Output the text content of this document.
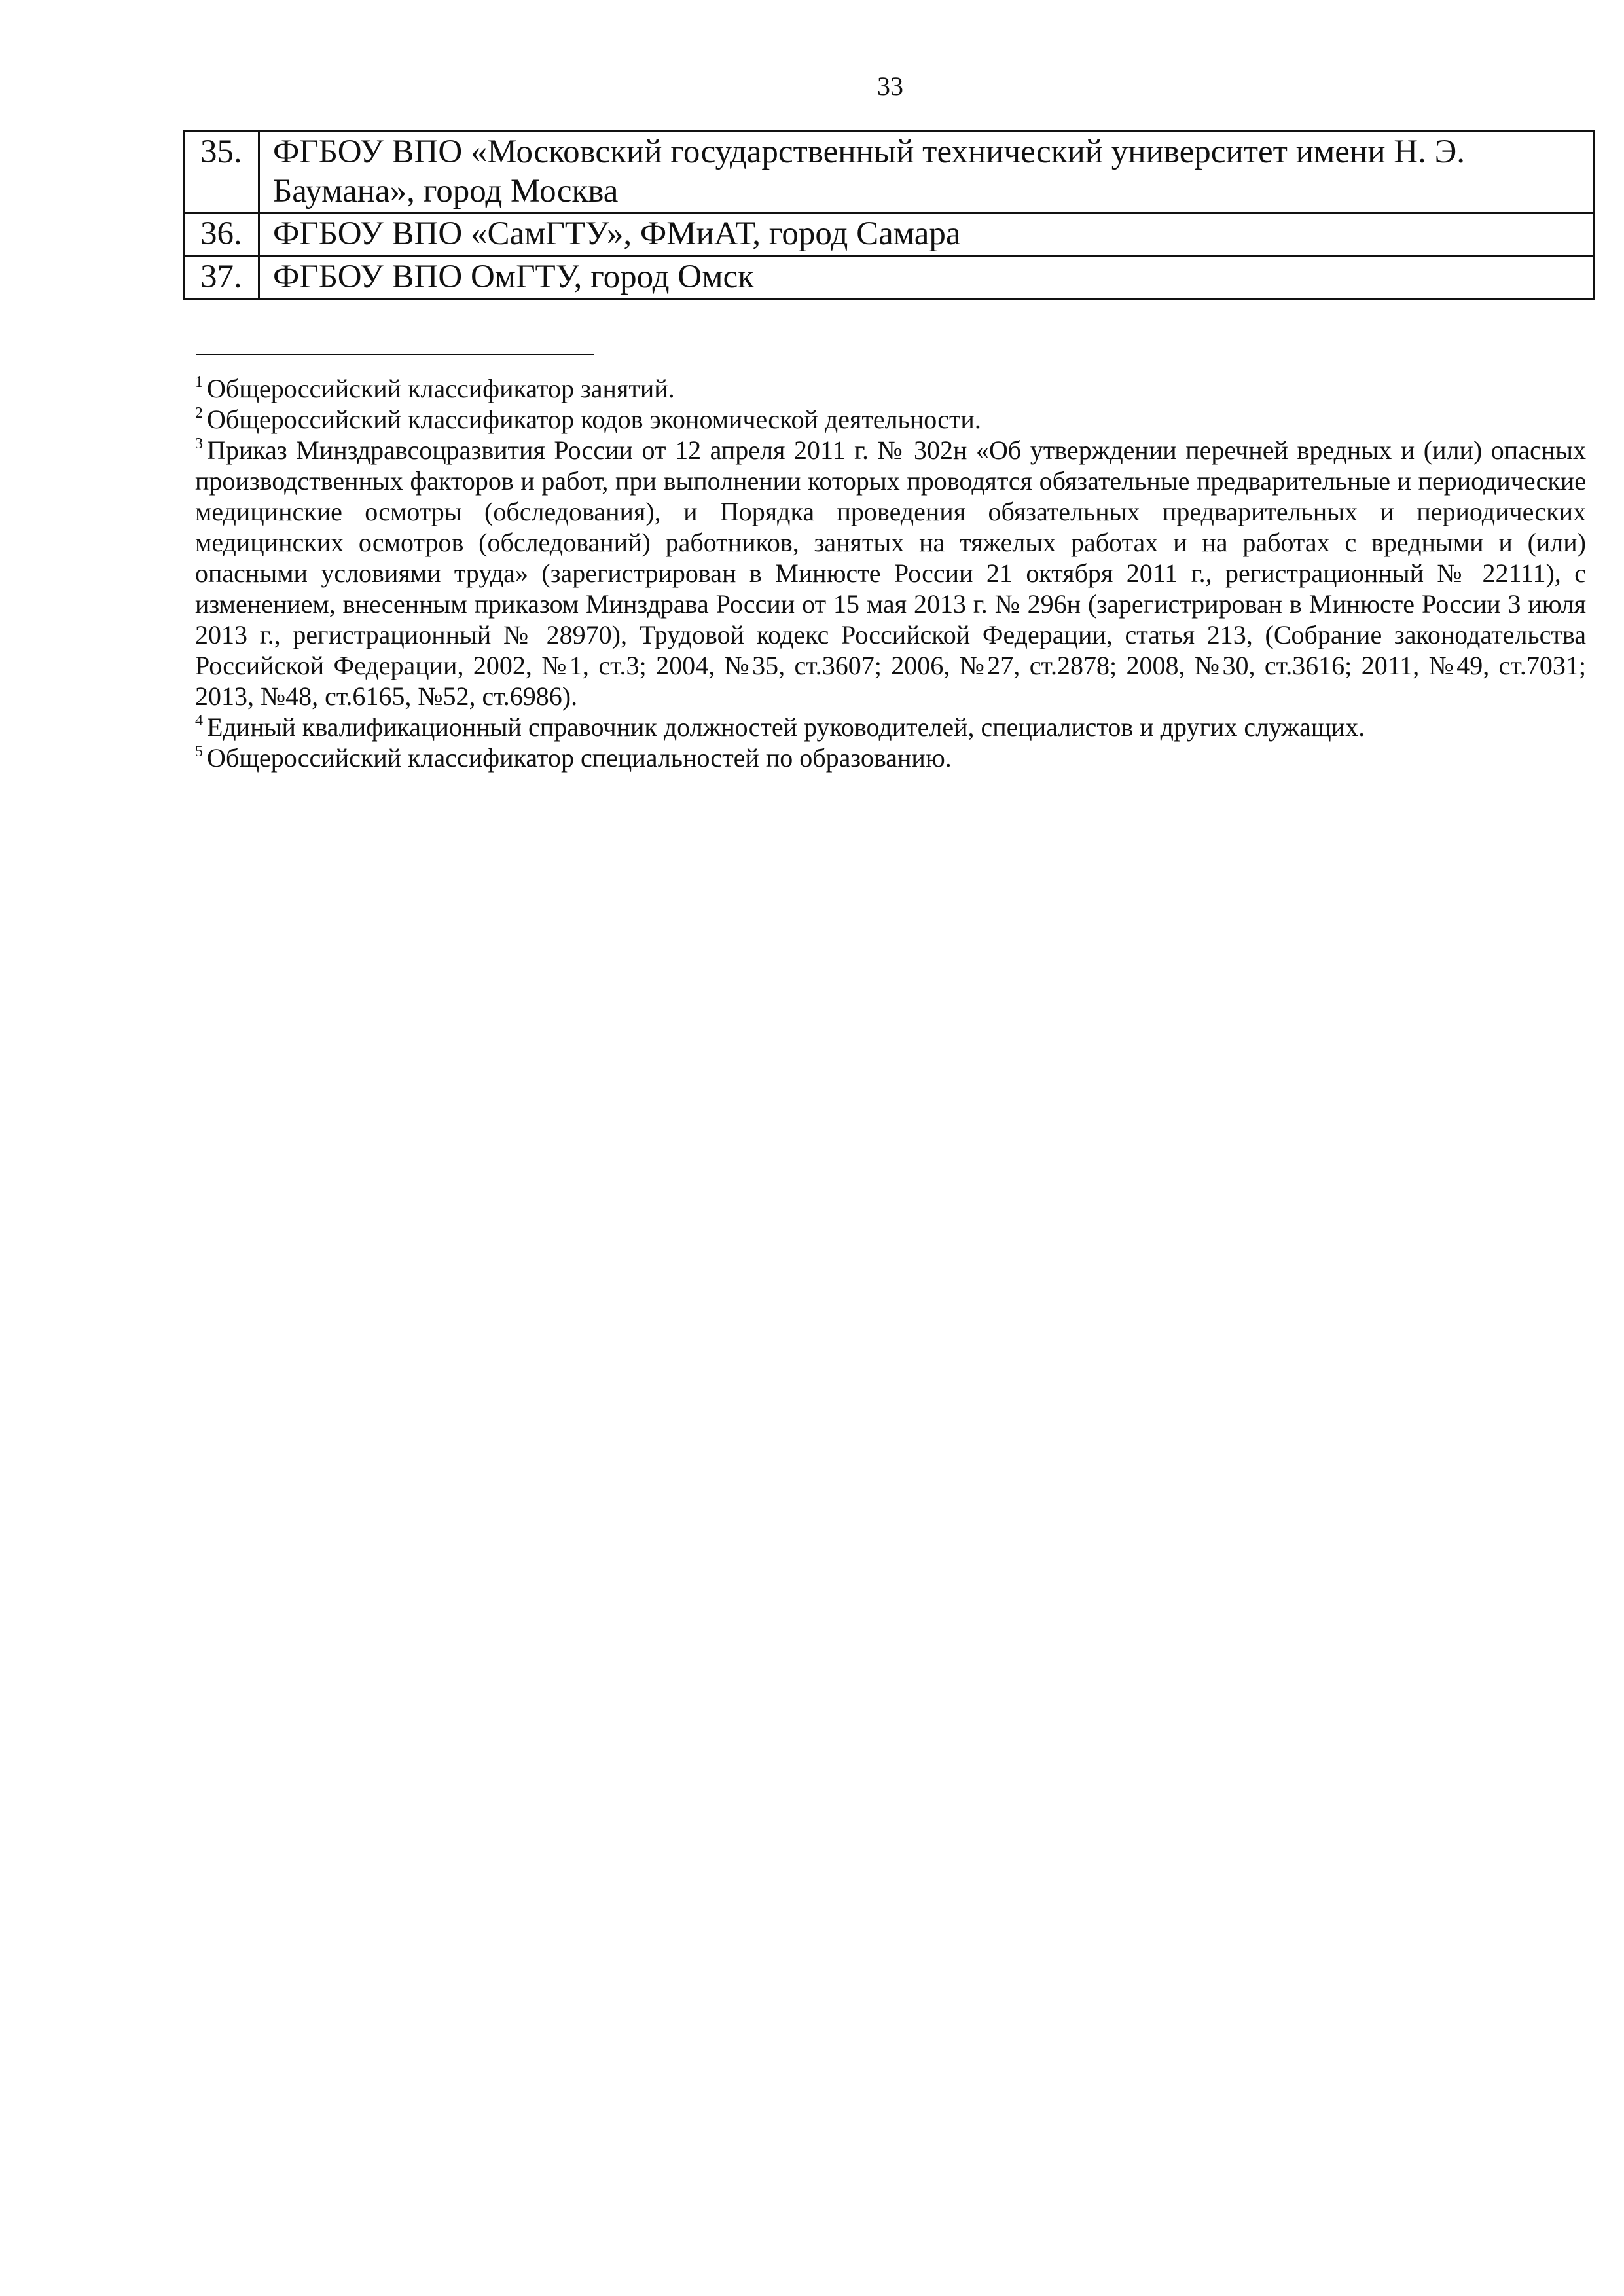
33
35.	ФГБОУ ВПО «Московский государственный технический университет имени Н. Э. Баумана», город Москва
36.	ФГБОУ ВПО «СамГТУ», ФМиАТ, город Самара
37.	ФГБОУ ВПО ОмГТУ, город Омск

$^1$ Общероссийский классификатор занятий.

$^2$ Общероссийский классификатор кодов экономической деятельности.

$^3$ Приказ Минздравсоцразвития России от 12 апреля 2011 г. № 302н «Об утверждении перечней вредных и (или) опасных производственных факторов и работ, при выполнении которых проводятся обязательные предварительные и периодические медицинские осмотры (обследования), и Порядка проведения обязательных предварительных и периодических медицинских осмотров (обследований) работников, занятых на тяжелых работах и на работах с вредными и (или) опасными условиями труда» (зарегистрирован в Минюсте России 21 октября 2011 г., регистрационный № 22111), с изменением, внесенным приказом Минздрава России от 15 мая 2013 г. № 296н (зарегистрирован в Минюсте России 3 июля 2013 г., регистрационный № 28970), Трудовой кодекс Российской Федерации, статья 213, (Собрание законодательства Российской Федерации, 2002, №1, ст.3; 2004, №35, ст.3607; 2006, №27, ст.2878; 2008, №30, ст.3616; 2011, №49, ст.7031; 2013, №48, ст.6165, №52, ст.6986).

$^4$ Единый квалификационный справочник должностей руководителей, специалистов и других служащих.

$^5$ Общероссийский классификатор специальностей по образованию.
